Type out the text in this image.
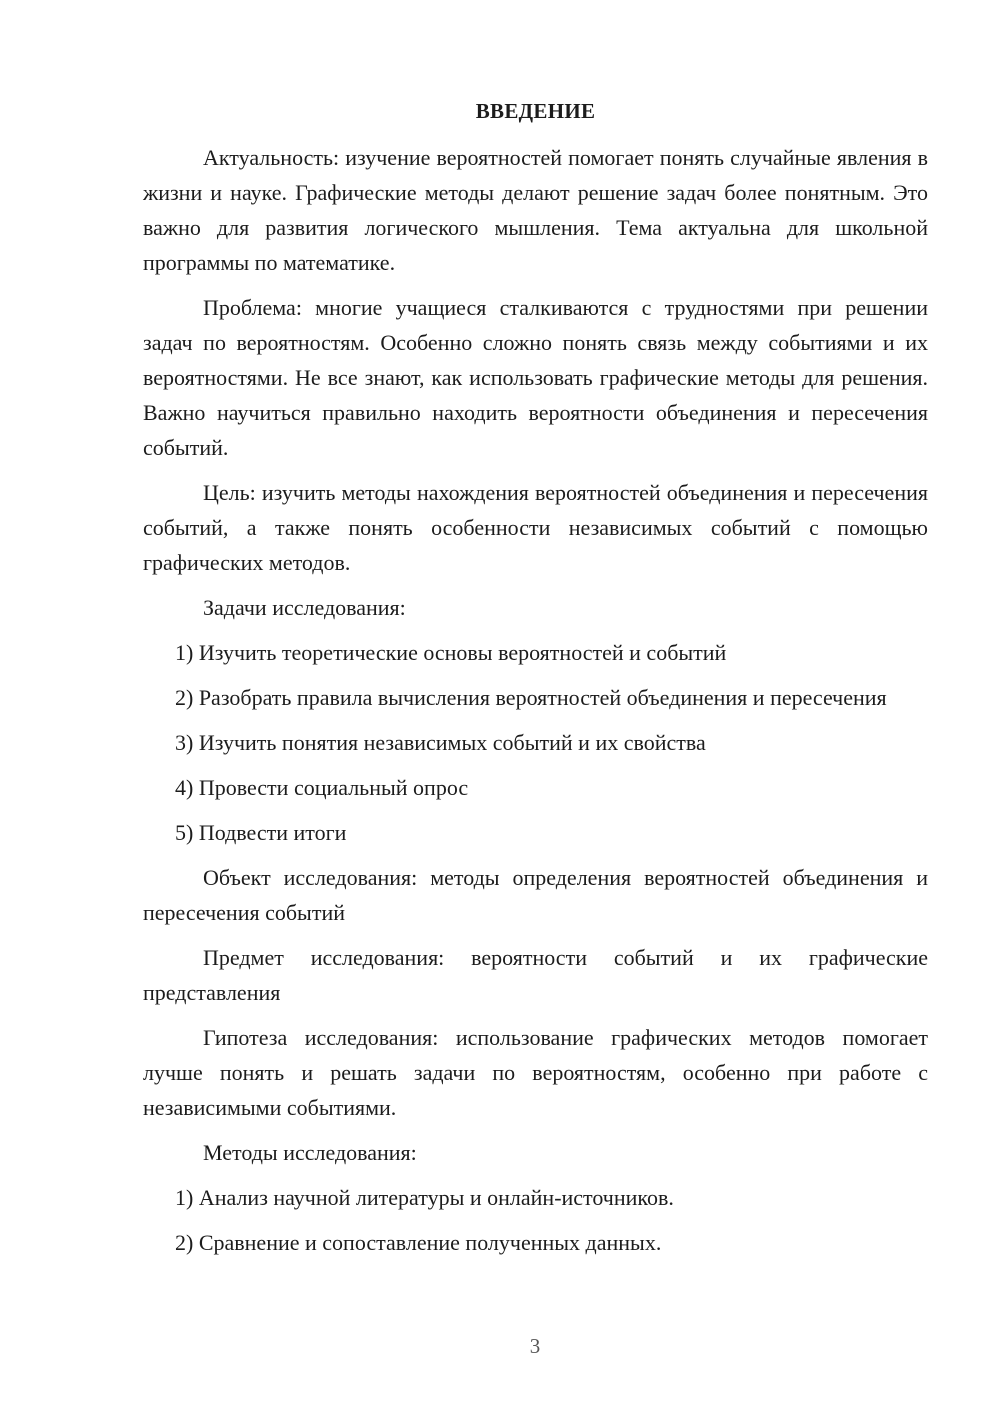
ВВЕДЕНИЕ

Актуальность: изучение вероятностей помогает понять случайные явления в жизни и науке. Графические методы делают решение задач более понятным. Это важно для развития логического мышления. Тема актуальна для школьной программы по математике.

Проблема: многие учащиеся сталкиваются с трудностями при решении задач по вероятностям. Особенно сложно понять связь между событиями и их вероятностями. Не все знают, как использовать графические методы для решения. Важно научиться правильно находить вероятности объединения и пересечения событий.

Цель: изучить методы нахождения вероятностей объединения и пересечения событий, а также понять особенности независимых событий с помощью графических методов.

Задачи исследования:

1) Изучить теоретические основы вероятностей и событий

2) Разобрать правила вычисления вероятностей объединения и пересечения

3) Изучить понятия независимых событий и их свойства

4) Провести социальный опрос

5) Подвести итоги

Объект исследования: методы определения вероятностей объединения и пересечения событий

Предмет исследования: вероятности событий и их графические представления

Гипотеза исследования: использование графических методов помогает лучше понять и решать задачи по вероятностям, особенно при работе с независимыми событиями.

Методы исследования:

1) Анализ научной литературы и онлайн-источников.

2) Сравнение и сопоставление полученных данных.

3
